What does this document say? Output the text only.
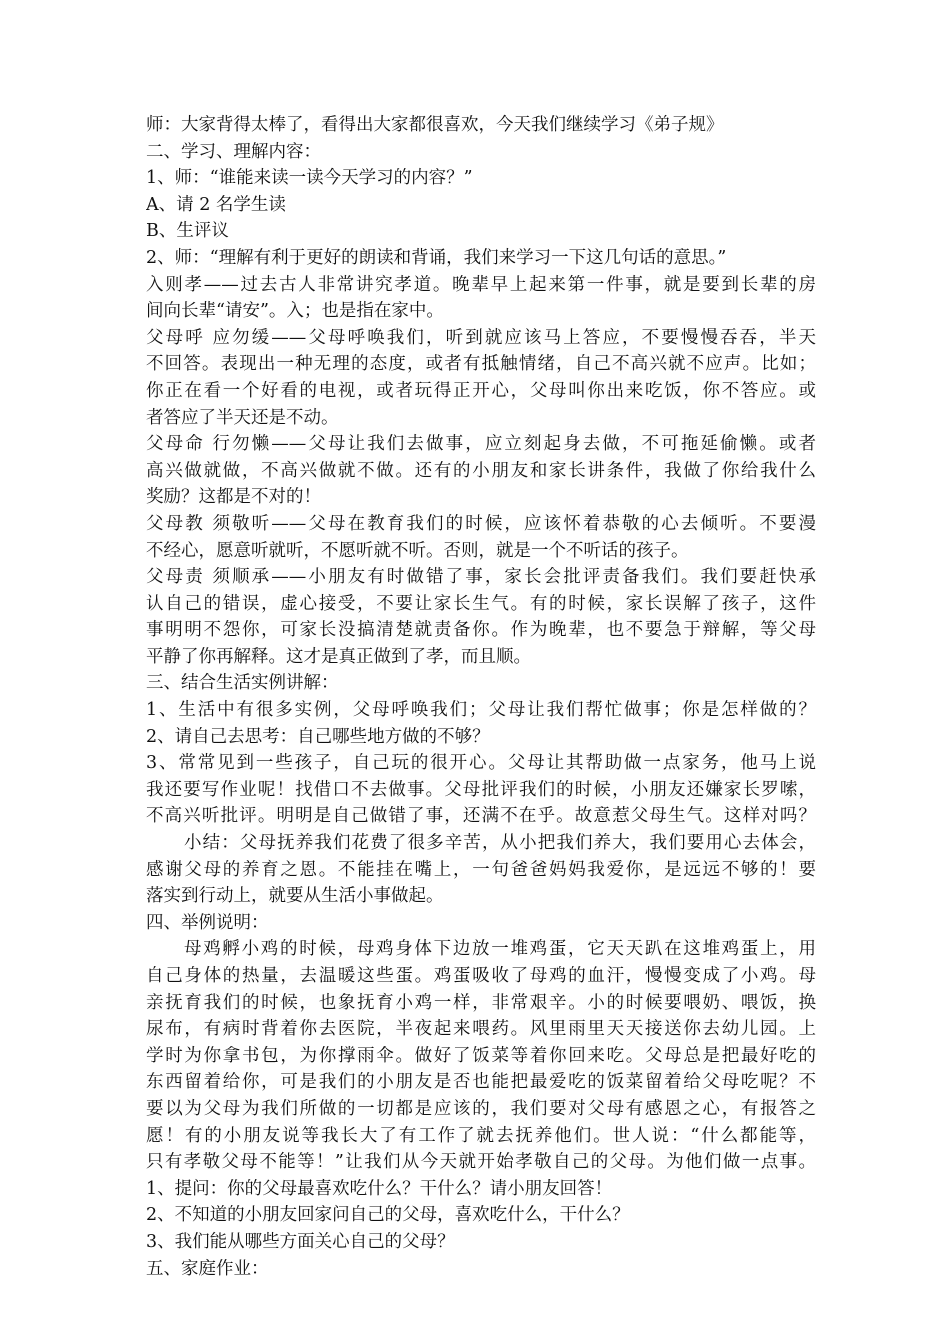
师：大家背得太棒了，看得出大家都很喜欢，今天我们继续学习《弟子规》
二、学习、理解内容：
1、师：“谁能来读一读今天学习的内容？”
A、请 2 名学生读
B、生评议
2、师：“理解有利于更好的朗读和背诵，我们来学习一下这几句话的意思。”
入则孝——过去古人非常讲究孝道。晚辈早上起来第一件事，就是要到长辈的房
间向长辈“请安”。入；也是指在家中。
父母呼 应勿缓——父母呼唤我们，听到就应该马上答应，不要慢慢吞吞，半天
不回答。表现出一种无理的态度，或者有抵触情绪，自己不高兴就不应声。比如；
你正在看一个好看的电视，或者玩得正开心，父母叫你出来吃饭，你不答应。或
者答应了半天还是不动。
父母命 行勿懒——父母让我们去做事，应立刻起身去做，不可拖延偷懒。或者
高兴做就做，不高兴做就不做。还有的小朋友和家长讲条件，我做了你给我什么
奖励？这都是不对的！
父母教 须敬听——父母在教育我们的时候，应该怀着恭敬的心去倾听。不要漫
不经心，愿意听就听，不愿听就不听。否则，就是一个不听话的孩子。
父母责 须顺承——小朋友有时做错了事，家长会批评责备我们。我们要赶快承
认自己的错误，虚心接受，不要让家长生气。有的时候，家长误解了孩子，这件
事明明不怨你，可家长没搞清楚就责备你。作为晚辈，也不要急于辩解，等父母
平静了你再解释。这才是真正做到了孝，而且顺。
三、结合生活实例讲解：
1、生活中有很多实例，父母呼唤我们；父母让我们帮忙做事；你是怎样做的？
2、请自己去思考：自己哪些地方做的不够？
3、常常见到一些孩子，自己玩的很开心。父母让其帮助做一点家务，他马上说
我还要写作业呢！找借口不去做事。父母批评我们的时候，小朋友还嫌家长罗嗦，
不高兴听批评。明明是自己做错了事，还满不在乎。故意惹父母生气。这样对吗？
小结：父母抚养我们花费了很多辛苦，从小把我们养大，我们要用心去体会，
感谢父母的养育之恩。不能挂在嘴上，一句爸爸妈妈我爱你，是远远不够的！要
落实到行动上，就要从生活小事做起。
四、举例说明：
母鸡孵小鸡的时候，母鸡身体下边放一堆鸡蛋，它天天趴在这堆鸡蛋上，用
自己身体的热量，去温暖这些蛋。鸡蛋吸收了母鸡的血汗，慢慢变成了小鸡。母
亲抚育我们的时候，也象抚育小鸡一样，非常艰辛。小的时候要喂奶、喂饭，换
尿布，有病时背着你去医院，半夜起来喂药。风里雨里天天接送你去幼儿园。上
学时为你拿书包，为你撑雨伞。做好了饭菜等着你回来吃。父母总是把最好吃的
东西留着给你，可是我们的小朋友是否也能把最爱吃的饭菜留着给父母吃呢？不
要以为父母为我们所做的一切都是应该的，我们要对父母有感恩之心，有报答之
愿！有的小朋友说等我长大了有工作了就去抚养他们。世人说：“什么都能等，
只有孝敬父母不能等！”让我们从今天就开始孝敬自己的父母。为他们做一点事。
1、提问：你的父母最喜欢吃什么？干什么？请小朋友回答！
2、不知道的小朋友回家问自己的父母，喜欢吃什么，干什么？
3、我们能从哪些方面关心自己的父母？
五、家庭作业：
